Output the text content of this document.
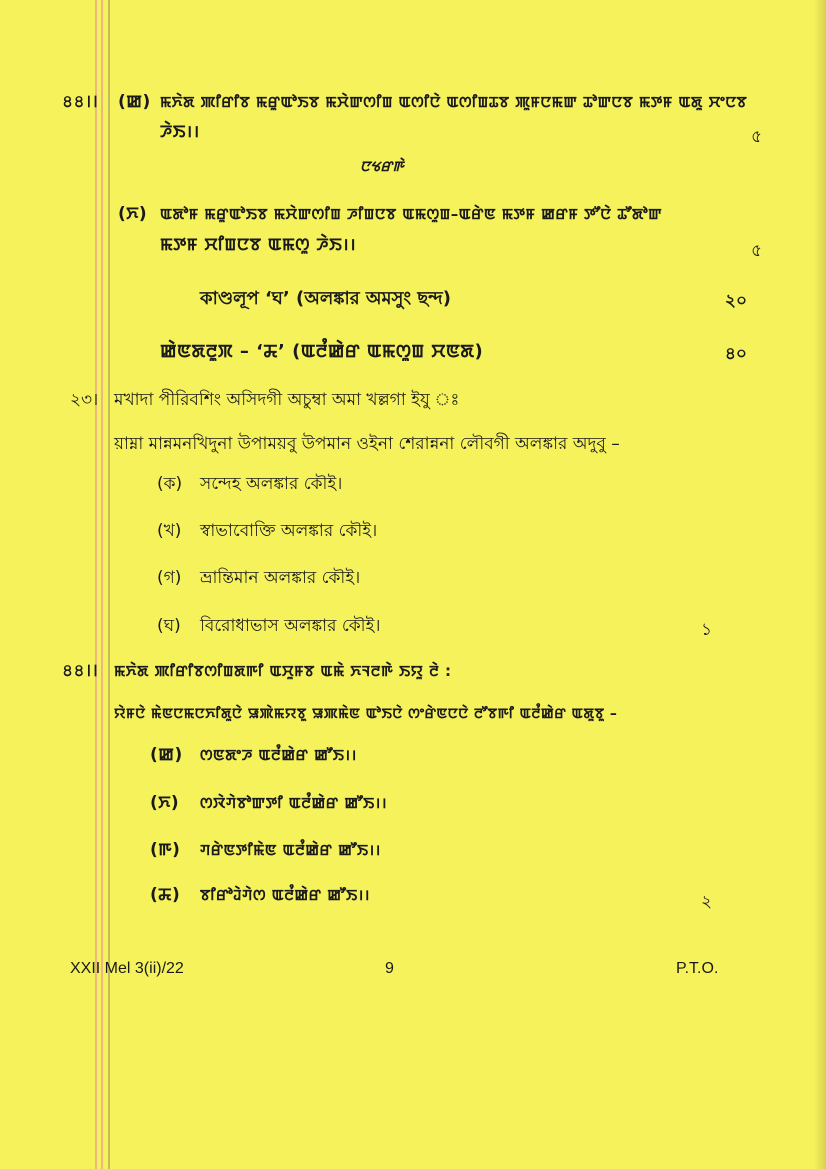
৪৪।। (ꯀ) ꯃꯈꯥꯗ ꯄꯤꯔꯤꯕ ꯃꯔꯨꯑꯣꯏꯕ ꯃꯆꯥꯛꯁꯤꯡ ꯑꯁꯤꯅꯥ ꯑꯁꯤꯡꯊꯕ ꯄꯨꯝꯅꯃꯛ ꯊꯣꯛꯅꯕ ꯃꯇꯝ ꯑꯗꯨ ꯆꯦꯅꯕ
ꯍꯥꯏ।।	৫
ꯅꯠꯔꯒꯥ
(ꯈ) ꯑꯗꯣꯝ ꯃꯔꯨꯑꯣꯏꯕ ꯃꯆꯥꯛꯁꯤꯡ ꯍꯤꯡꯅꯕ ꯑꯃꯁꯨꯡ–ꯑꯔꯥꯟ ꯃꯇꯝ ꯀꯔꯝ ꯇꯧꯅꯥ ꯊꯧꯗꯣꯛ
ꯃꯇꯝ ꯆꯤꯡꯅꯕ ꯑꯃꯁꯨ ꯍꯥꯏ।।	৫
কাণ্ডলূপ ‘ঘ’ (অলঙ্কার অমসুং ছন্দ)	২০
ꯀꯥꯟꯗꯂꯨꯞ – ‘ꯘ’ (ꯑꯂꯪꯀꯥꯔ ꯑꯃꯁꯨꯡ ꯆꯟꯗ)	৪০
২৩। মখাদা পীরিবশিং অসিদগী অচুম্বা অমা খল্লগা ইযু ঃ
য়াম্না মান্নমনখিদুনা উপাময়বু উপমান ওইনা শেরান্ননা লৌবগী অলঙ্কার অদুবু –
(ক) সন্দেহ অলঙ্কার কৌই।
(খ) স্বাভাবোক্তি অলঙ্কার কৌই।
(গ) ভ্রান্তিমান অলঙ্কার কৌই।
(ঘ) বিরোধাভাস অলঙ্কার কৌই।	১
৪৪।। ꯃꯈꯥꯗ ꯄꯤꯔꯤꯕꯁꯤꯡꯗꯒꯤ ꯑꯆꯨꯝꯕ ꯑꯃꯥ ꯈꯜꯂꯒꯥ ꯏꯌꯨ ꯂꯥ :
ꯌꯥꯝꯅꯥ ꯃꯥꯟꯅꯃꯅꯈꯤꯗꯨꯅꯥ ꯎꯄꯥꯃꯌꯕꯨ ꯎꯄꯃꯥꯟ ꯑꯣꯏꯅꯥ ꯁꯦꯔꯥꯟꯅꯅꯥ ꯂꯧꯕꯒꯤ ꯑꯂꯪꯀꯥꯔ ꯑꯗꯨꯕꯨ –
(ꯀ) ꯁꯟꯗꯦꯍ ꯑꯂꯪꯀꯥꯔ ꯀꯧꯏ।।
(ꯈ) ꯁꯋꯥꯚꯥꯕꯣꯛꯇꯤ ꯑꯂꯪꯀꯥꯔ ꯀꯧꯏ।।
(ꯒ) ꯚꯔꯥꯟꯇꯤꯃꯥꯟ ꯑꯂꯪꯀꯥꯔ ꯀꯧꯏ।।
(ꯘ) ꯕꯤꯔꯣꯙꯥꯚꯥꯁ ꯑꯂꯪꯀꯥꯔ ꯀꯧꯏ।।	২
XXII Mel 3(ii)/22	9	P.T.O.
